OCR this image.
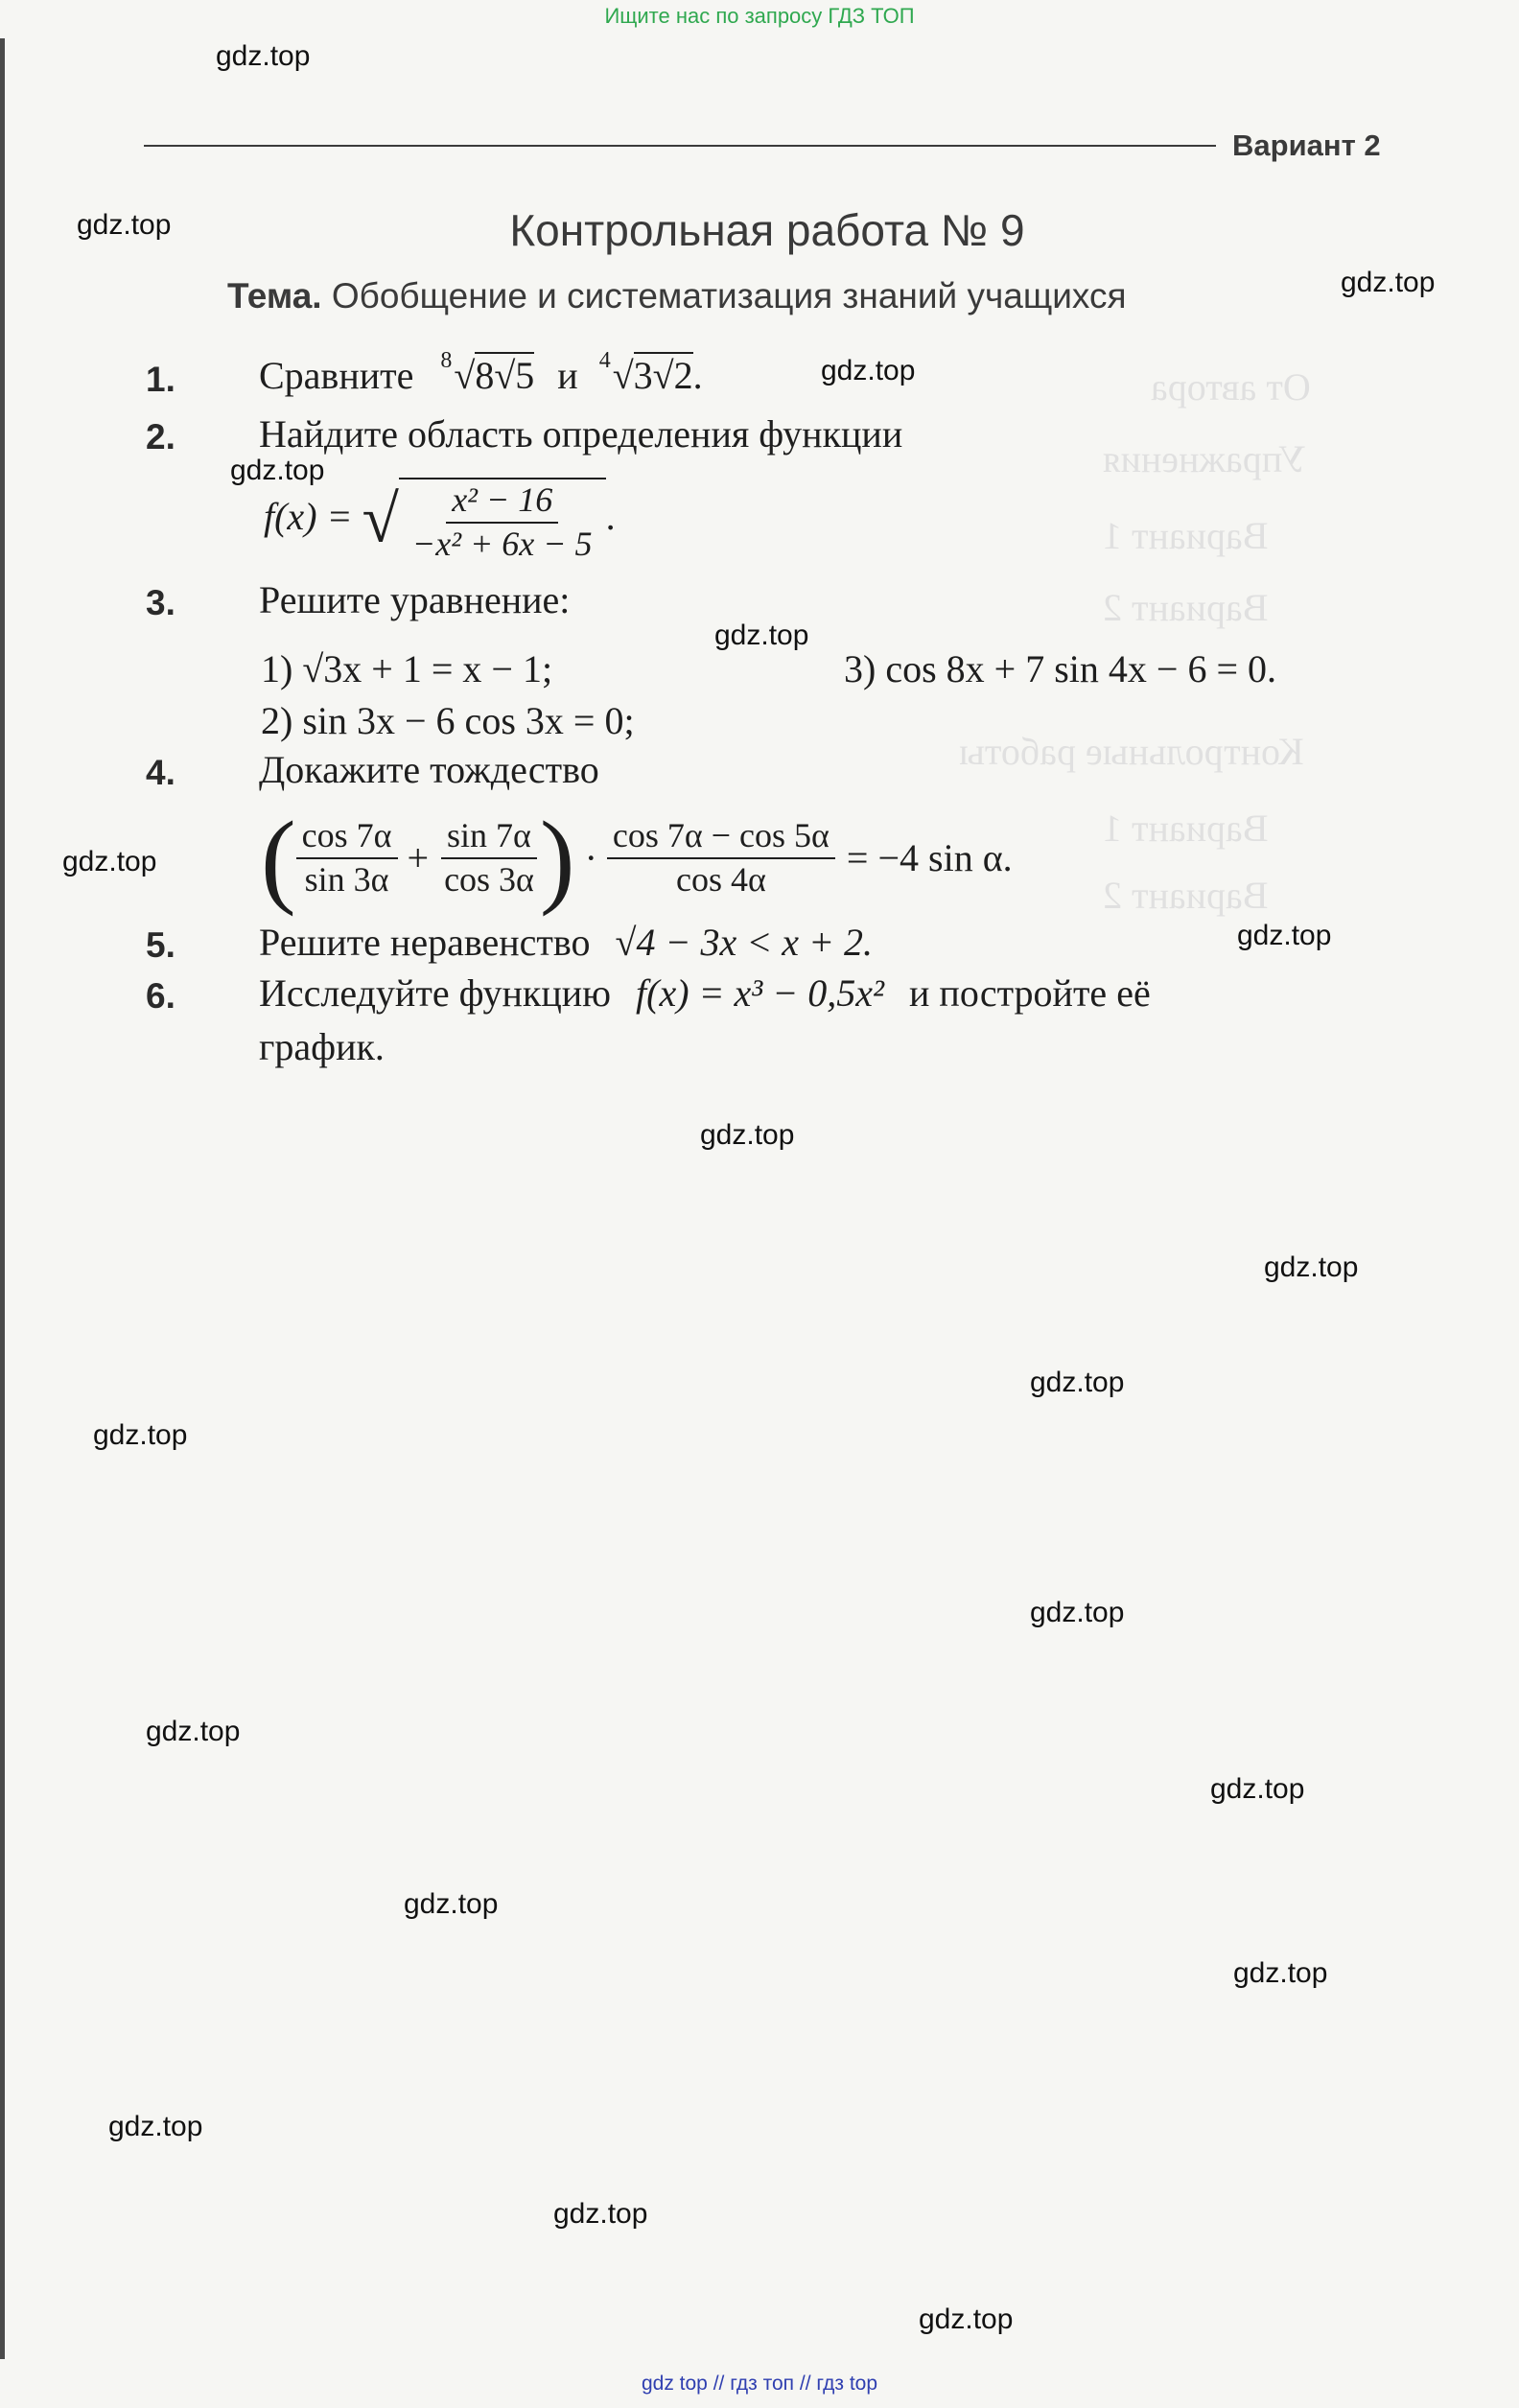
Ищите нас по запросу ГДЗ ТОП
От автора
Упражнения
Вариант 1
Вариант 2
Контрольные работы
Вариант 1
Вариант 2
Вариант 2
Контрольная работа № 9
Тема. Обобщение и систематизация знаний учащихся
1. Сравните 8 √8√5 и 4 √3√2.
2. Найдите область определения функции
f(x) = √ $\frac{\text{x² − 16}}{\text{−x² + 6x − 5}}$ .
3. Решите уравнение:
1) √3x + 1 = x − 1;	3) cos 8x + 7 sin 4x − 6 = 0.
2) sin 3x − 6 cos 3x = 0;
4. Докажите тождество
( $\frac{\cos 7\alpha}{\sin 3\alpha} + \frac{\sin 7\alpha}{\cos 3\alpha}$ ) · $\frac{\cos 7\alpha - \cos 5\alpha}{\cos 4\alpha} = -4$ sin α.
5. Решите неравенство √4 − 3x < x + 2.
6. Исследуйте функцию f(x) = x³ − 0,5x² и постройте её
график.
gdz.top
gdz.top
gdz.top
gdz.top
gdz.top
gdz.top
gdz.top
gdz.top
gdz.top
gdz.top
gdz.top
gdz.top
gdz.top
gdz.top
gdz.top
gdz.top
gdz.top
gdz.top
gdz.top
gdz.top
gdz top // гдз топ // гдз top
